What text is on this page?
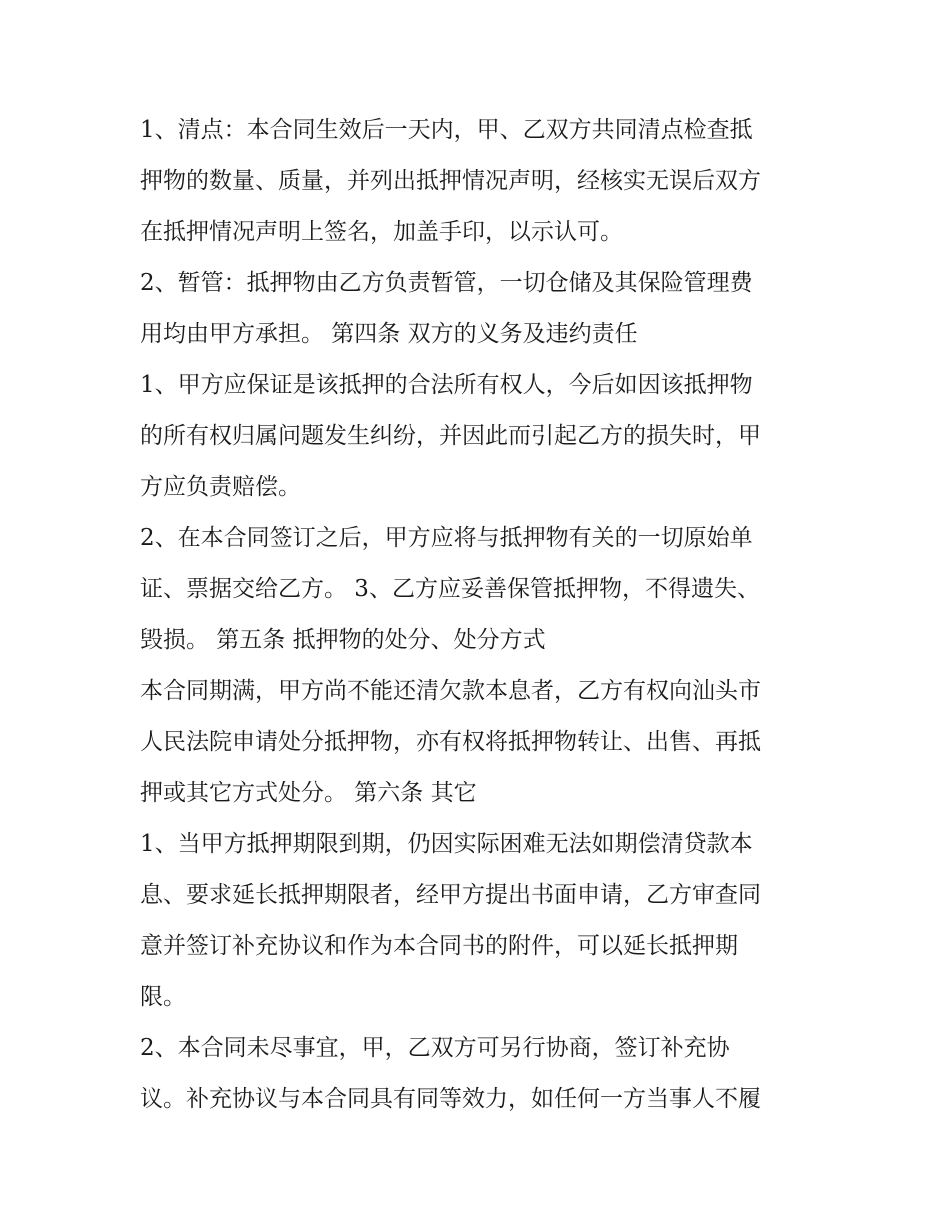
1、清点：本合同生效后一天内，甲、乙双方共同清点检查抵
押物的数量、质量，并列出抵押情况声明，经核实无误后双方
在抵押情况声明上签名，加盖手印，以示认可。
2、暂管：抵押物由乙方负责暂管，一切仓储及其保险管理费
用均由甲方承担。 第四条 双方的义务及违约责任
1、甲方应保证是该抵押的合法所有权人，今后如因该抵押物
的所有权归属问题发生纠纷，并因此而引起乙方的损失时，甲
方应负责赔偿。
2、在本合同签订之后，甲方应将与抵押物有关的一切原始单
证、票据交给乙方。 3、乙方应妥善保管抵押物，不得遗失、
毁损。 第五条 抵押物的处分、处分方式
本合同期满，甲方尚不能还清欠款本息者，乙方有权向汕头市
人民法院申请处分抵押物，亦有权将抵押物转让、出售、再抵
押或其它方式处分。 第六条 其它
1、当甲方抵押期限到期，仍因实际困难无法如期偿清贷款本
息、要求延长抵押期限者，经甲方提出书面申请，乙方审查同
意并签订补充协议和作为本合同书的附件，可以延长抵押期
限。
2、本合同未尽事宜，甲，乙双方可另行协商，签订补充协
议。补充协议与本合同具有同等效力，如任何一方当事人不履
